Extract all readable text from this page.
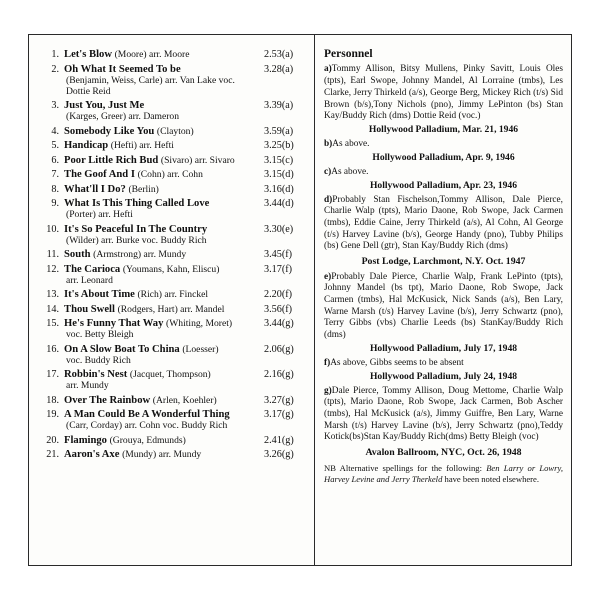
1. Let's Blow (Moore) arr. Moore	2.53(a)
2. Oh What It Seemed To be
(Benjamin, Weiss, Carle) arr. Van Lake voc. Dottie Reid
3.28(a)
3. Just You, Just Me
(Karges, Greer) arr. Dameron
3.39(a)
4. Somebody Like You (Clayton)	3.59(a)
5. Handicap (Hefti) arr. Hefti	3.25(b)
6. Poor Little Rich Bud (Sivaro) arr. Sivaro	3.15(c)
7. The Goof And I (Cohn) arr. Cohn	3.15(d)
8. What'll I Do? (Berlin)	3.16(d)
9. What Is This Thing Called Love
(Porter) arr. Hefti
3.44(d)
10. It's So Peaceful In The Country
(Wilder) arr. Burke voc. Buddy Rich
3.30(e)
11. South (Armstrong) arr. Mundy	3.45(f)
12. The Carioca (Youmans, Kahn, Eliscu)
arr. Leonard
3.17(f)
13. It's About Time (Rich) arr. Finckel	2.20(f)
14. Thou Swell (Rodgers, Hart) arr. Mandel	3.56(f)
15. He's Funny That Way (Whiting, Moret)
voc. Betty Bleigh
3.44(g)
16. On A Slow Boat To China (Loesser)
voc. Buddy Rich
2.06(g)
17. Robbin's Nest (Jacquet, Thompson)
arr. Mundy
2.16(g)
18. Over The Rainbow (Arlen, Koehler)	3.27(g)
19. A Man Could Be A Wonderful Thing
(Carr, Corday) arr. Cohn voc. Buddy Rich
3.17(g)
20. Flamingo (Grouya, Edmunds)	2.41(g)
21. Aaron's Axe (Mundy) arr. Mundy	3.26(g)
Personnel
a)Tommy Allison, Bitsy Mullens, Pinky Savitt, Louis Oles (tpts), Earl Swope, Johnny Mandel, Al Lorraine (tmbs), Les Clarke, Jerry Thirkeld (a/s), George Berg, Mickey Rich (t/s) Sid Brown (b/s),Tony Nichols (pno), Jimmy LePinton (bs) Stan Kay/Buddy Rich (dms) Dottie Reid (voc.)
Hollywood Palladium, Mar. 21, 1946
b)As above.
Hollywood Palladium, Apr. 9, 1946
c)As above.
Hollywood Palladium, Apr. 23, 1946
d)Probably Stan Fischelson,Tommy Allison, Dale Pierce, Charlie Walp (tpts), Mario Daone, Rob Swope, Jack Carmen (tmbs), Eddie Caine, Jerry Thirkeld (a/s), Al Cohn, Al George (t/s) Harvey Lavine (b/s), George Handy (pno), Tubby Philips (bs) Gene Dell (gtr), Stan Kay/Buddy Rich (dms)
Post Lodge, Larchmont, N.Y. Oct. 1947
e)Probably Dale Pierce, Charlie Walp, Frank LePinto (tpts), Johnny Mandel (bs tpt), Mario Daone, Rob Swope, Jack Carmen (tmbs), Hal McKusick, Nick Sands (a/s), Ben Lary, Warne Marsh (t/s) Harvey Lavine (b/s), Jerry Schwartz (pno), Terry Gibbs (vbs) Charlie Leeds (bs) StanKay/Buddy Rich (dms)
Hollywood Palladium, July 17, 1948
f)As above, Gibbs seems to be absent
Hollywood Palladium, July 24, 1948
g)Dale Pierce, Tommy Allison, Doug Mettome, Charlie Walp (tpts), Mario Daone, Rob Swope, Jack Carmen, Bob Ascher (tmbs), Hal McKusick (a/s), Jimmy Guiffre, Ben Lary, Warne Marsh (t/s) Harvey Lavine (b/s), Jerry Schwartz (pno),Teddy Kotick(bs)Stan Kay/Buddy Rich(dms) Betty Bleigh (voc)
Avalon Ballroom, NYC, Oct. 26, 1948
NB Alternative spellings for the following: Ben Larry or Lowry, Harvey Levine and Jerry Therkeld have been noted elsewhere.
